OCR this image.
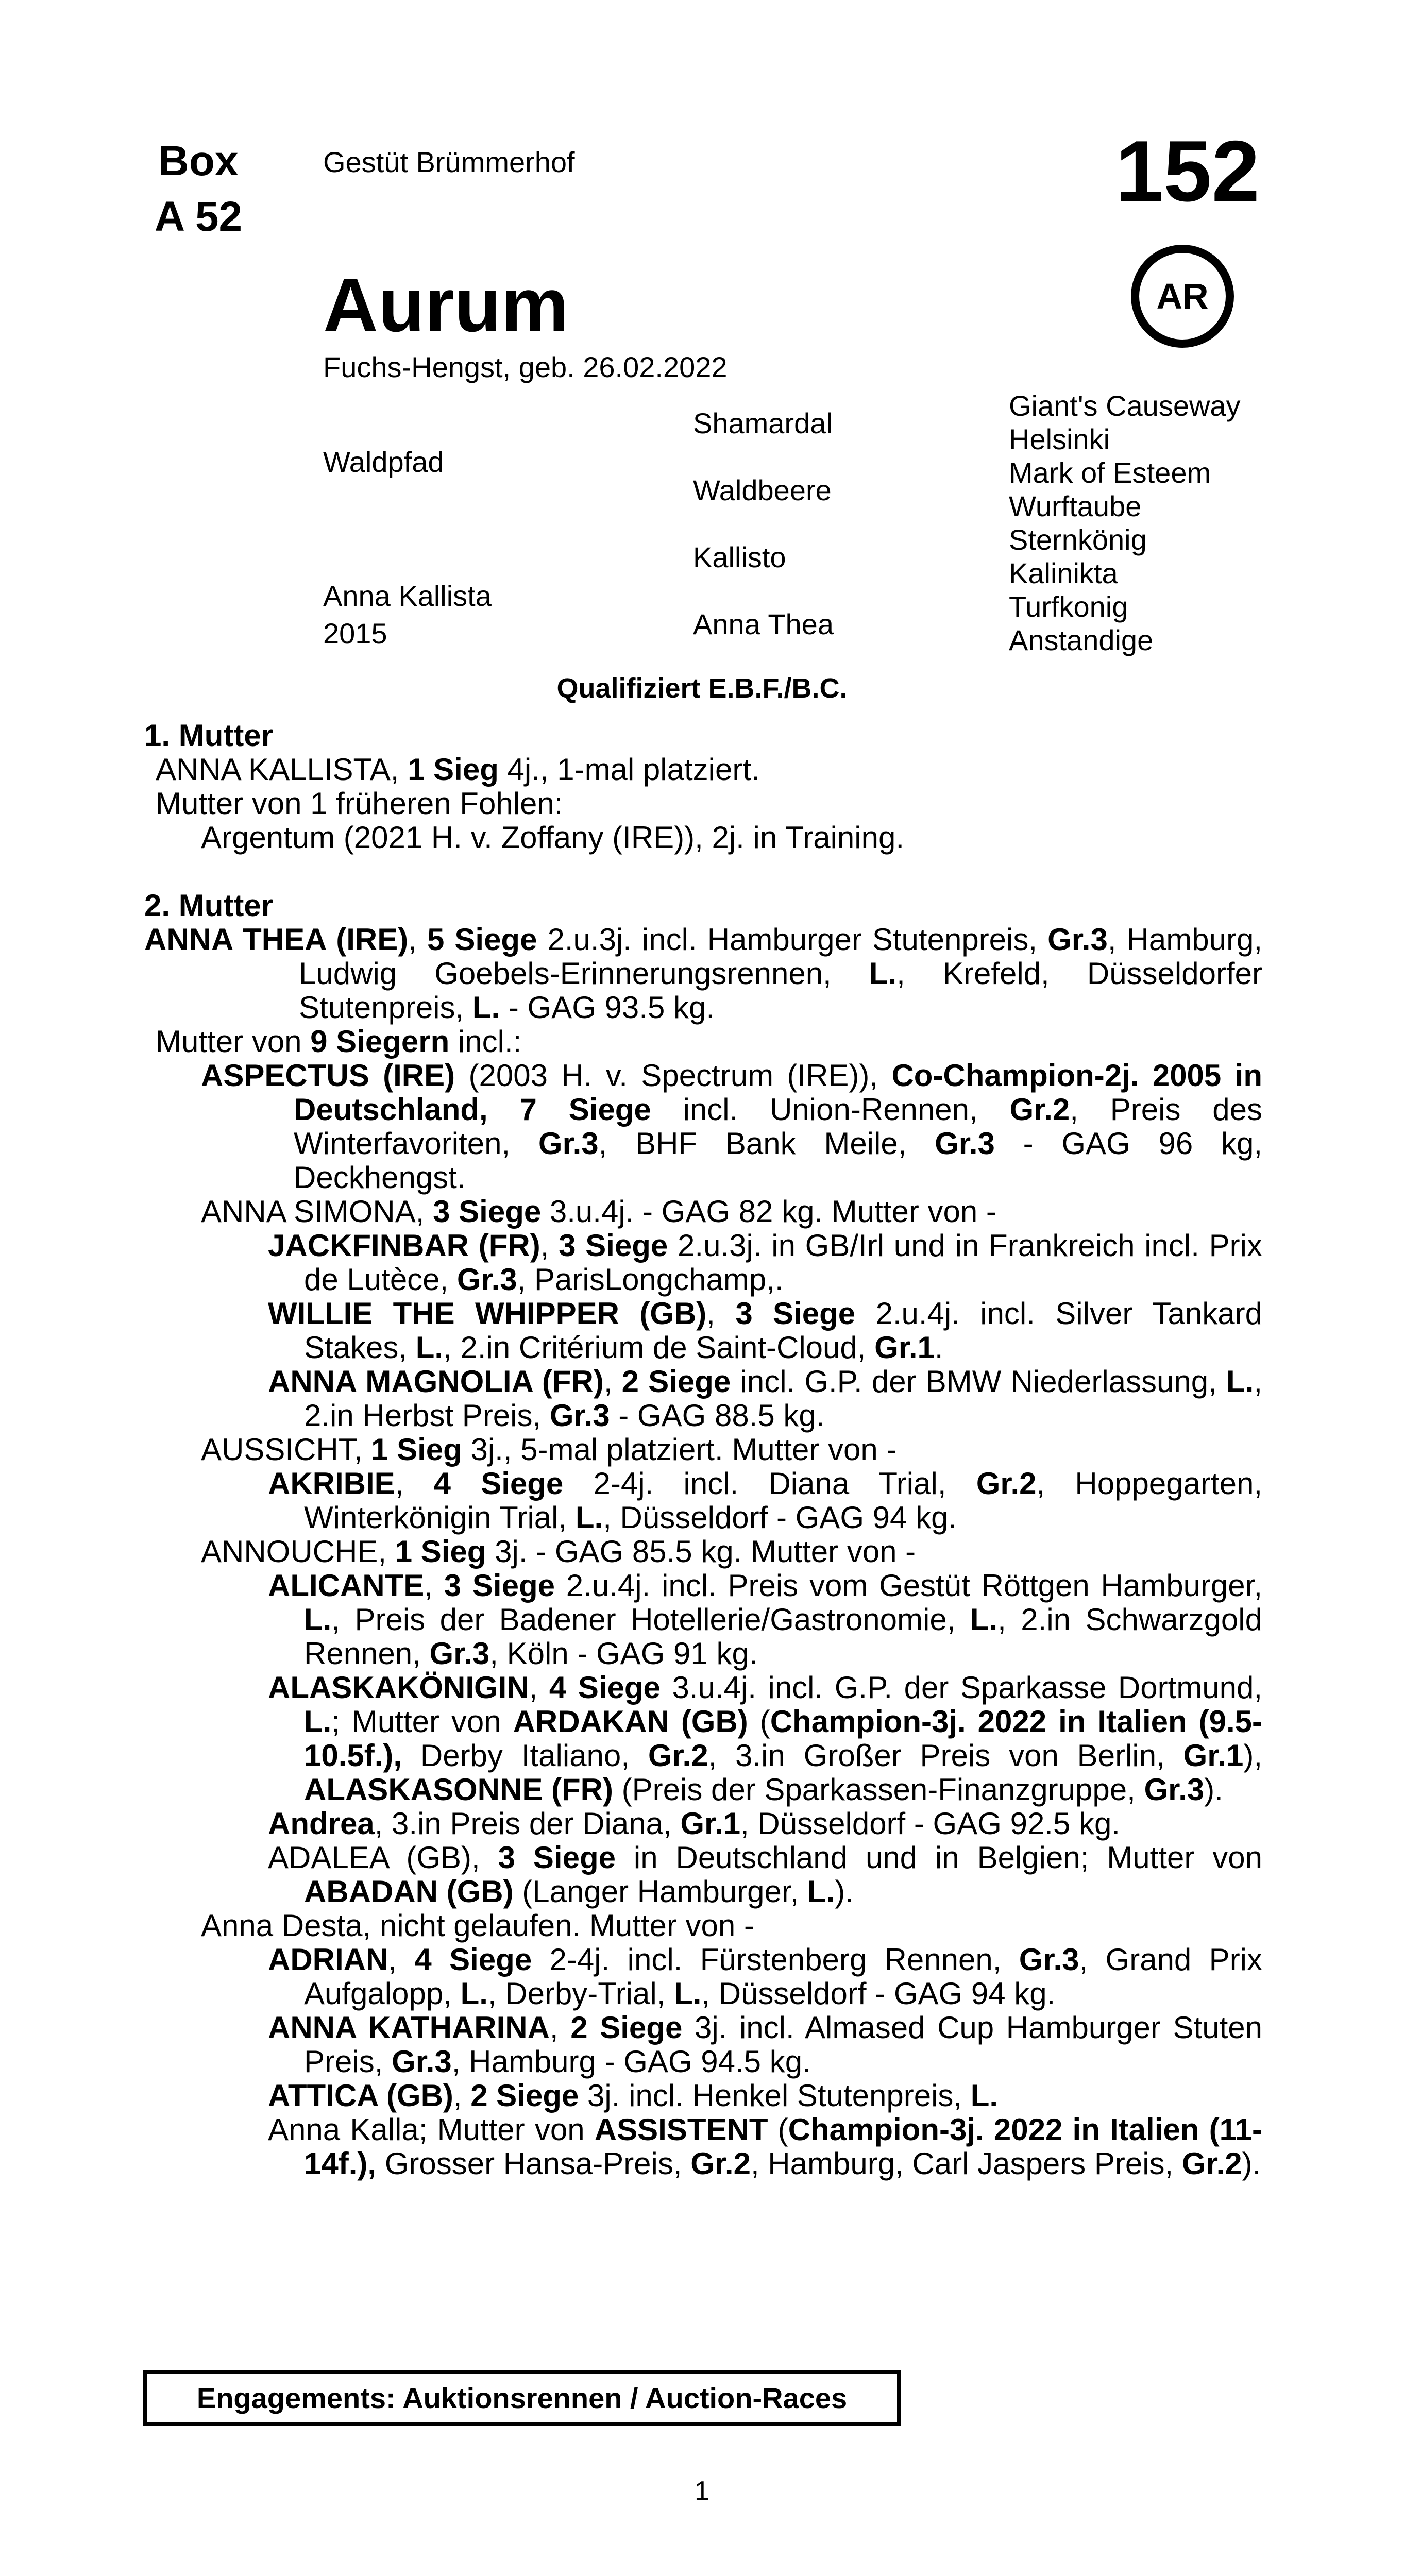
Box
A 52
Gestüt Brümmerhof	152
Aurum
Fuchs-Hengst, geb. 26.02.2022
AR
Waldpfad
Anna Kallista
2015
Shamardal
Waldbeere
Kallisto
Anna Thea
Giant's Causeway
Helsinki
Mark of Esteem
Wurftaube
Sternkönig
Kalinikta
Turfkonig
Anstandige
Qualifiziert E.B.F./B.C.

1. Mutter

ANNA KALLISTA, 1 Sieg 4j., 1-mal platziert.

Mutter von 1 früheren Fohlen:

Argentum (2021 H. v. Zoffany (IRE)), 2j. in Training.

2. Mutter

ANNA THEA (IRE), 5 Siege 2.u.3j. incl. Hamburger Stutenpreis, Gr.3, Hamburg, Ludwig Goebels-Erinnerungsrennen, L., Krefeld, Düsseldorfer Stutenpreis, L. - GAG 93.5 kg.

Mutter von 9 Siegern incl.:

ASPECTUS (IRE) (2003 H. v. Spectrum (IRE)), Co-Champion-2j. 2005 in Deutschland, 7 Siege incl. Union-Rennen, Gr.2, Preis des Winterfavoriten, Gr.3, BHF Bank Meile, Gr.3 - GAG 96 kg, Deckhengst.

ANNA SIMONA, 3 Siege 3.u.4j. - GAG 82 kg. Mutter von -

JACKFINBAR (FR), 3 Siege 2.u.3j. in GB/Irl und in Frankreich incl. Prix de Lutèce, Gr.3, ParisLongchamp,.

WILLIE THE WHIPPER (GB), 3 Siege 2.u.4j. incl. Silver Tankard Stakes, L., 2.in Critérium de Saint-Cloud, Gr.1.

ANNA MAGNOLIA (FR), 2 Siege incl. G.P. der BMW Niederlassung, L., 2.in Herbst Preis, Gr.3 - GAG 88.5 kg.

AUSSICHT, 1 Sieg 3j., 5-mal platziert. Mutter von -

AKRIBIE, 4 Siege 2-4j. incl. Diana Trial, Gr.2, Hoppegarten, Winterkönigin Trial, L., Düsseldorf - GAG 94 kg.

ANNOUCHE, 1 Sieg 3j. - GAG 85.5 kg. Mutter von -

ALICANTE, 3 Siege 2.u.4j. incl. Preis vom Gestüt Röttgen Hamburger, L., Preis der Badener Hotellerie/Gastronomie, L., 2.in Schwarzgold Rennen, Gr.3, Köln - GAG 91 kg.

ALASKAKÖNIGIN, 4 Siege 3.u.4j. incl. G.P. der Sparkasse Dortmund, L.; Mutter von ARDAKAN (GB) (Champion-3j. 2022 in Italien (9.5-10.5f.), Derby Italiano, Gr.2, 3.in Großer Preis von Berlin, Gr.1), ALASKASONNE (FR) (Preis der Sparkassen-Finanzgruppe, Gr.3).

Andrea, 3.in Preis der Diana, Gr.1, Düsseldorf - GAG 92.5 kg.

ADALEA (GB), 3 Siege in Deutschland und in Belgien; Mutter von ABADAN (GB) (Langer Hamburger, L.).

Anna Desta, nicht gelaufen. Mutter von -

ADRIAN, 4 Siege 2-4j. incl. Fürstenberg Rennen, Gr.3, Grand Prix Aufgalopp, L., Derby-Trial, L., Düsseldorf - GAG 94 kg.

ANNA KATHARINA, 2 Siege 3j. incl. Almased Cup Hamburger Stuten Preis, Gr.3, Hamburg - GAG 94.5 kg.

ATTICA (GB), 2 Siege 3j. incl. Henkel Stutenpreis, L.

Anna Kalla; Mutter von ASSISTENT (Champion-3j. 2022 in Italien (11-14f.), Grosser Hansa-Preis, Gr.2, Hamburg, Carl Jaspers Preis, Gr.2).

Engagements: Auktionsrennen / Auction-Races
1
